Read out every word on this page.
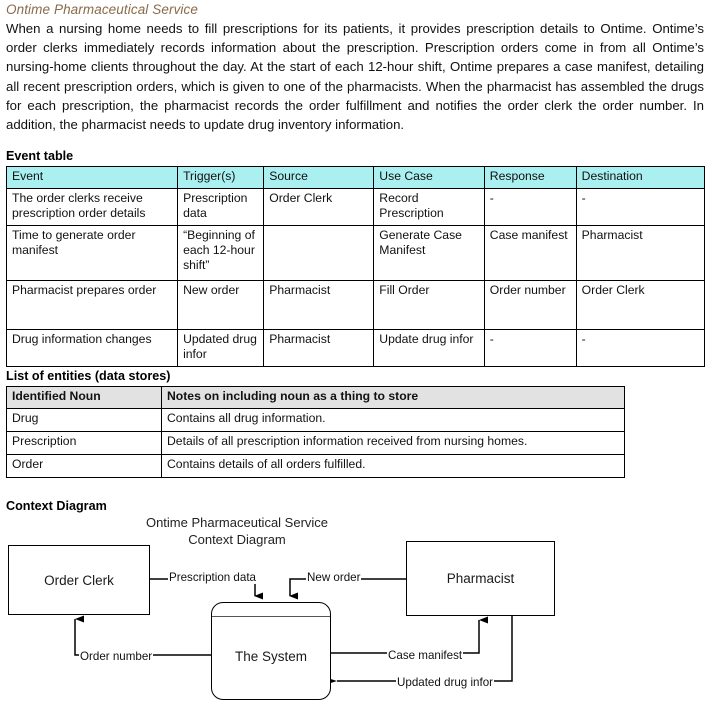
Ontime Pharmaceutical Service
When a nursing home needs to fill prescriptions for its patients, it provides prescription details to Ontime. Ontime’s order clerks immediately records information about the prescription. Prescription orders come in from all Ontime’s nursing-home clients throughout the day. At the start of each 12-hour shift, Ontime prepares a case manifest, detailing all recent prescription orders, which is given to one of the pharmacists. When the pharmacist has assembled the drugs for each prescription, the pharmacist records the order fulfillment and notifies the order clerk the order number. In addition, the pharmacist needs to update drug inventory information.
Event table
Event	Trigger(s)	Source	Use Case	Response	Destination
The order clerks receive prescription order details	Prescription data	Order Clerk	Record Prescription	-	-
Time to generate order manifest	“Beginning of each 12-hour shift”		Generate Case Manifest	Case manifest	Pharmacist
Pharmacist prepares order	New order	Pharmacist	Fill Order	Order number	Order Clerk
Drug information changes	Updated drug infor	Pharmacist	Update drug infor	-	-
List of entities (data stores)
Identified Noun	Notes on including noun as a thing to store
Drug	Contains all drug information.
Prescription	Details of all prescription information received from nursing homes.
Order	Contains details of all orders fulfilled.
Context Diagram
Ontime Pharmaceutical Service
Context Diagram
Order Clerk	Pharmacist
The System
Prescription data	New order
Order number	Case manifest
Updated drug infor
